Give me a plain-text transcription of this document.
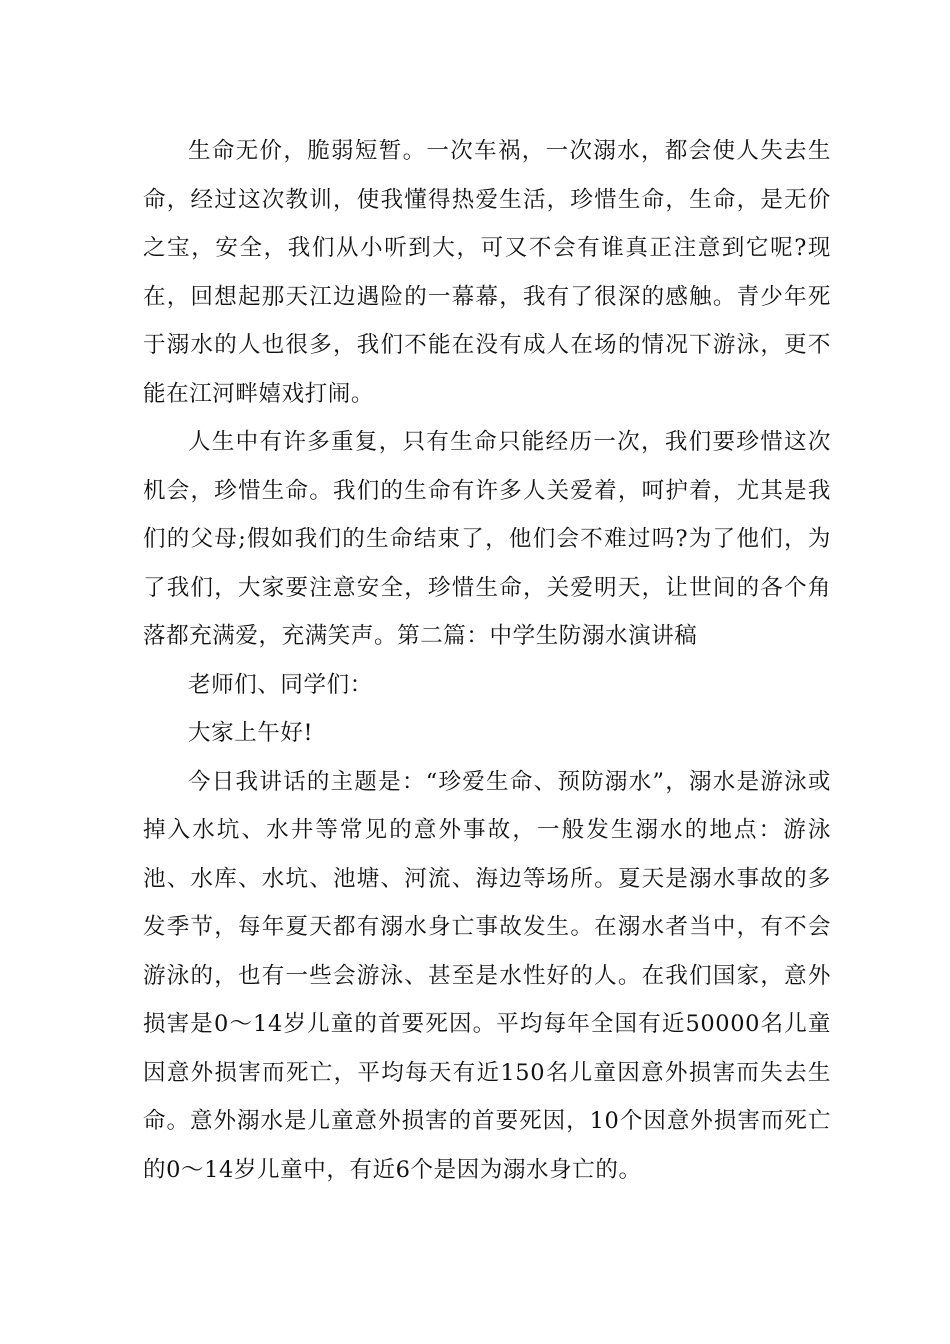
生命无价，脆弱短暂。一次车祸，一次溺水，都会使人失去生命，经过这次教训，使我懂得热爱生活，珍惜生命，生命，是无价之宝，安全，我们从小听到大，可又不会有谁真正注意到它呢?现在，回想起那天江边遇险的一幕幕，我有了很深的感触。青少年死于溺水的人也很多，我们不能在没有成人在场的情况下游泳，更不能在江河畔嬉戏打闹。

人生中有许多重复，只有生命只能经历一次，我们要珍惜这次机会，珍惜生命。我们的生命有许多人关爱着，呵护着，尤其是我们的父母;假如我们的生命结束了，他们会不难过吗?为了他们，为了我们，大家要注意安全，珍惜生命，关爱明天，让世间的各个角落都充满爱，充满笑声。第二篇：中学生防溺水演讲稿

老师们、同学们：

大家上午好!

今日我讲话的主题是：“珍爱生命、预防溺水”，溺水是游泳或掉入水坑、水井等常见的意外事故，一般发生溺水的地点：游泳池、水库、水坑、池塘、河流、海边等场所。夏天是溺水事故的多发季节，每年夏天都有溺水身亡事故发生。在溺水者当中，有不会游泳的，也有一些会游泳、甚至是水性好的人。在我们国家，意外损害是0～14岁儿童的首要死因。平均每年全国有近50000名儿童因意外损害而死亡，平均每天有近150名儿童因意外损害而失去生命。意外溺水是儿童意外损害的首要死因，10个因意外损害而死亡的0～14岁儿童中，有近6个是因为溺水身亡的。
